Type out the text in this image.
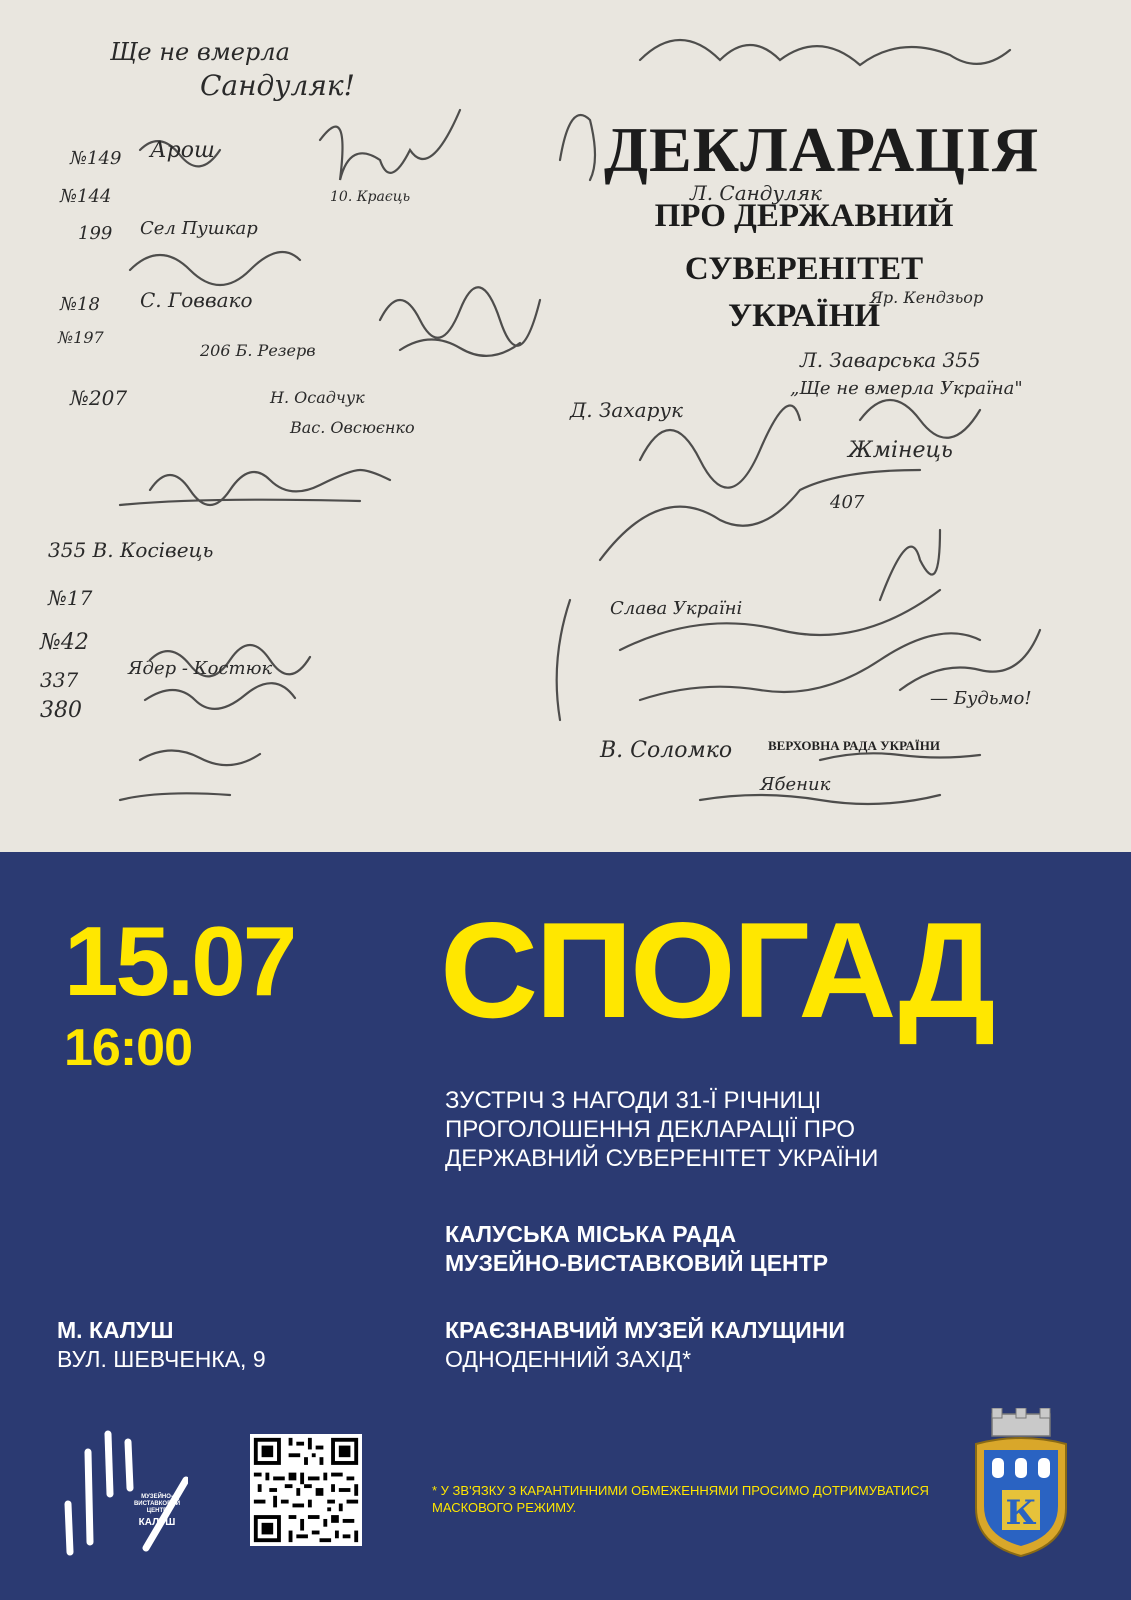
Ще не вмерла
Сандуляк!
№149
№144
199
№18
№197
№207
355 В. Косівець
№17
№42
337
380
Арош
Сел Пушкар
С. Говвако
206 Б. Резерв
Н. Осадчук
Вас. Овсюєнко
10. Краєць
Ядер - Костюк
ДЕКЛАРАЦІЯ
ПРО ДЕРЖАВНИЙ
СУВЕРЕНІТЕТ
УКРАЇНИ
Л. Сандуляк
Л. Заварська 355
„Ще не вмерла Україна"
Д. Захарук
Слава Україні
407
В. Соломко
Ябеник
Яр. Кендзьор
Жмінець
— Будьмо!
ВЕРХОВНА РАДА УКРАЇНИ
15.07
16:00
СПОГАД
ЗУСТРІЧ З НАГОДИ 31-Ї РІЧНИЦІ ПРОГОЛОШЕННЯ ДЕКЛАРАЦІЇ ПРО ДЕРЖАВНИЙ СУВЕРЕНІТЕТ УКРАЇНИ
КАЛУСЬКА МІСЬКА РАДА
МУЗЕЙНО-ВИСТАВКОВИЙ ЦЕНТР
КРАЄЗНАВЧИЙ МУЗЕЙ КАЛУЩИНИ
ОДНОДЕННИЙ ЗАХІД*
М. КАЛУШ
ВУЛ. ШЕВЧЕНКА, 9
МУЗЕЙНО-ВИСТАВКОВИЙ ЦЕНТР
КАЛУШ
* У ЗВ'ЯЗКУ З КАРАНТИННИМИ ОБМЕЖЕННЯМИ ПРОСИМО ДОТРИМУВАТИСЯ МАСКОВОГО РЕЖИМУ.	К
